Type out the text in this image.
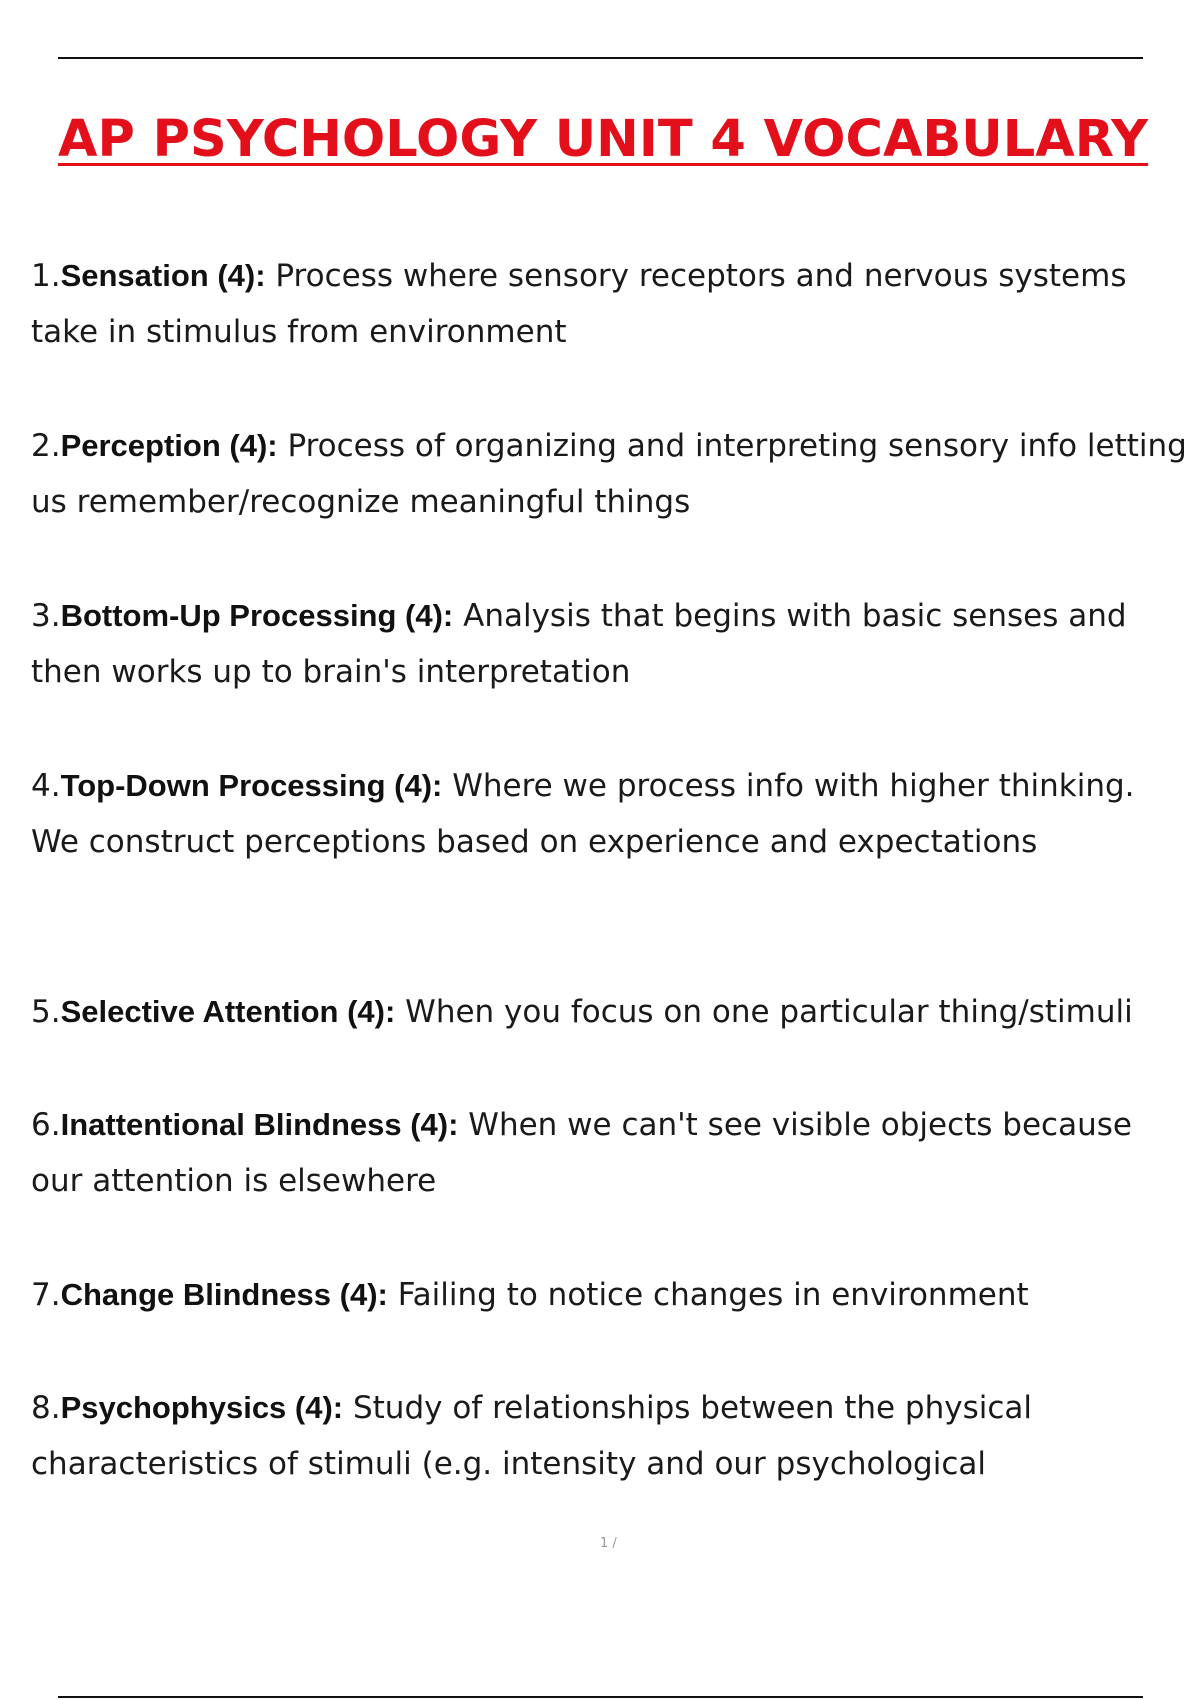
AP PSYCHOLOGY UNIT 4 VOCABULARY

1.Sensation (4): Process where sensory receptors and nervous systems take in stimulus from environment

2.Perception (4): Process of organizing and interpreting sensory info letting us remember/recognize meaningful things

3.Bottom-Up Processing (4): Analysis that begins with basic senses and then works up to brain's interpretation

4.Top-Down Processing (4): Where we process info with higher thinking. We construct perceptions based on experience and expectations

5.Selective Attention (4): When you focus on one particular thing/stimuli

6.Inattentional Blindness (4): When we can't see visible objects because our attention is elsewhere

7.Change Blindness (4): Failing to notice changes in environment

8.Psychophysics (4): Study of relationships between the physical characteristics of stimuli (e.g. intensity and our psychological

1 /
